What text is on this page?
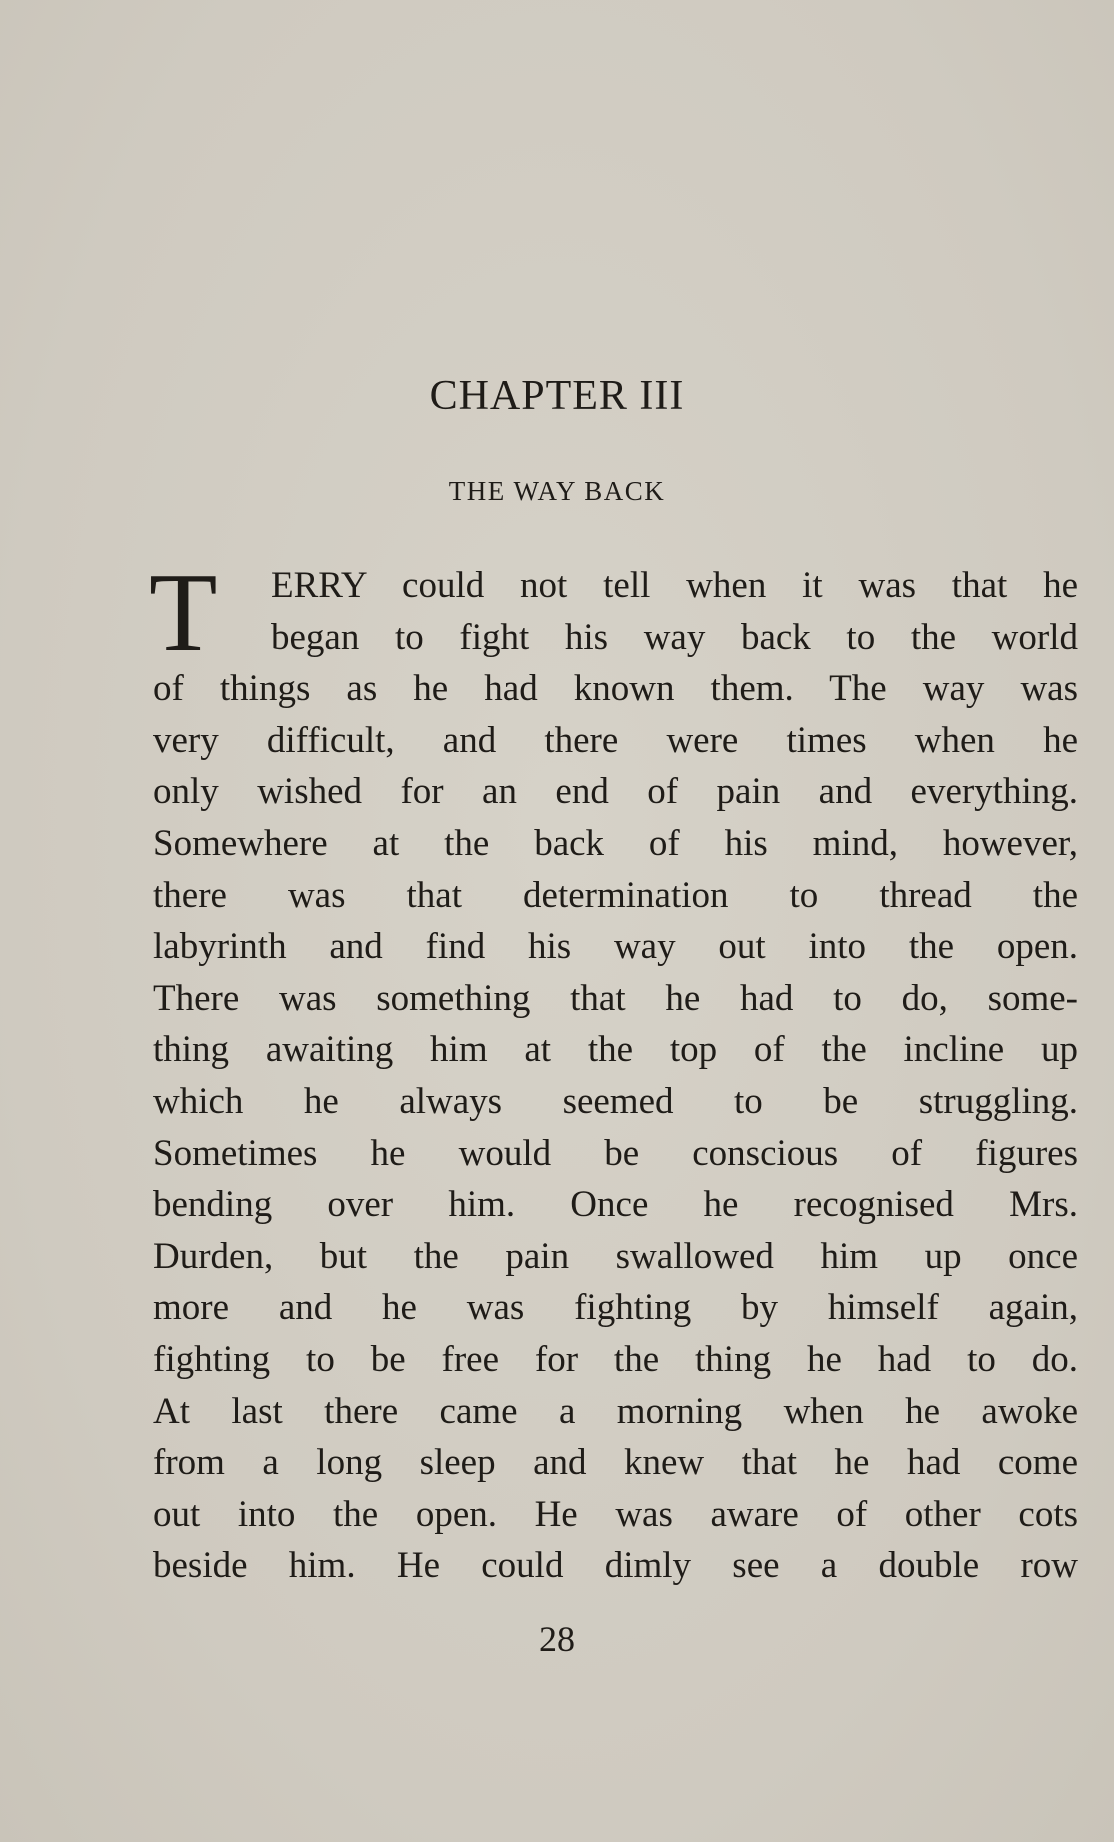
CHAPTER III
THE WAY BACK
T	ERRY could not tell when it was that he
began to fight his way back to the world
of things as he had known them. The way was
very difficult, and there were times when he
only wished for an end of pain and everything.
Somewhere at the back of his mind, however,
there was that determination to thread the
labyrinth and find his way out into the open.
There was something that he had to do, some-
thing awaiting him at the top of the incline up
which he always seemed to be struggling.
Sometimes he would be conscious of figures
bending over him. Once he recognised Mrs.
Durden, but the pain swallowed him up once
more and he was fighting by himself again,
fighting to be free for the thing he had to do.
At last there came a morning when he awoke
from a long sleep and knew that he had come
out into the open. He was aware of other cots
beside him. He could dimly see a double row
28
